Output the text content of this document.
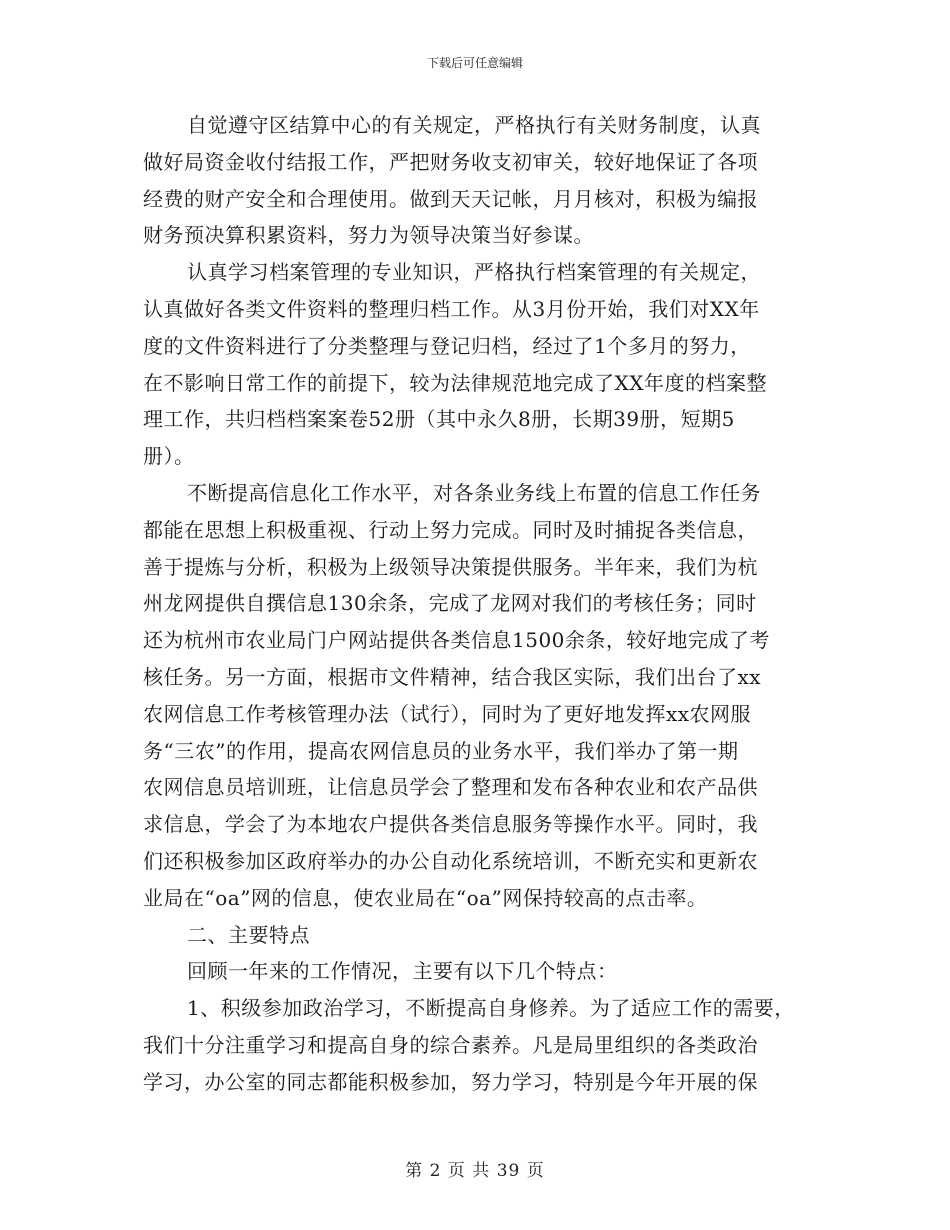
下载后可任意编辑

自觉遵守区结算中心的有关规定，严格执行有关财务制度，认真
做好局资金收付结报工作，严把财务收支初审关，较好地保证了各项
经费的财产安全和合理使用。做到天天记帐，月月核对，积极为编报
财务预决算积累资料，努力为领导决策当好参谋。

认真学习档案管理的专业知识，严格执行档案管理的有关规定，
认真做好各类文件资料的整理归档工作。从3月份开始，我们对XX年
度的文件资料进行了分类整理与登记归档，经过了1个多月的努力，
在不影响日常工作的前提下，较为法律规范地完成了XX年度的档案整
理工作，共归档档案案卷52册（其中永久8册，长期39册，短期5
册）。

不断提高信息化工作水平，对各条业务线上布置的信息工作任务
都能在思想上积极重视、行动上努力完成。同时及时捕捉各类信息，
善于提炼与分析，积极为上级领导决策提供服务。半年来，我们为杭
州龙网提供自撰信息130余条，完成了龙网对我们的考核任务；同时
还为杭州市农业局门户网站提供各类信息1500余条，较好地完成了考
核任务。另一方面，根据市文件精神，结合我区实际，我们出台了xx
农网信息工作考核管理办法（试行），同时为了更好地发挥xx农网服
务“三农”的作用，提高农网信息员的业务水平，我们举办了第一期
农网信息员培训班，让信息员学会了整理和发布各种农业和农产品供
求信息，学会了为本地农户提供各类信息服务等操作水平。同时，我
们还积极参加区政府举办的办公自动化系统培训，不断充实和更新农
业局在“oa”网的信息，使农业局在“oa”网保持较高的点击率。

二、主要特点

回顾一年来的工作情况，主要有以下几个特点：

1、积级参加政治学习，不断提高自身修养。为了适应工作的需要，
我们十分注重学习和提高自身的综合素养。凡是局里组织的各类政治
学习，办公室的同志都能积极参加，努力学习，特别是今年开展的保

第 2 页 共 39 页
